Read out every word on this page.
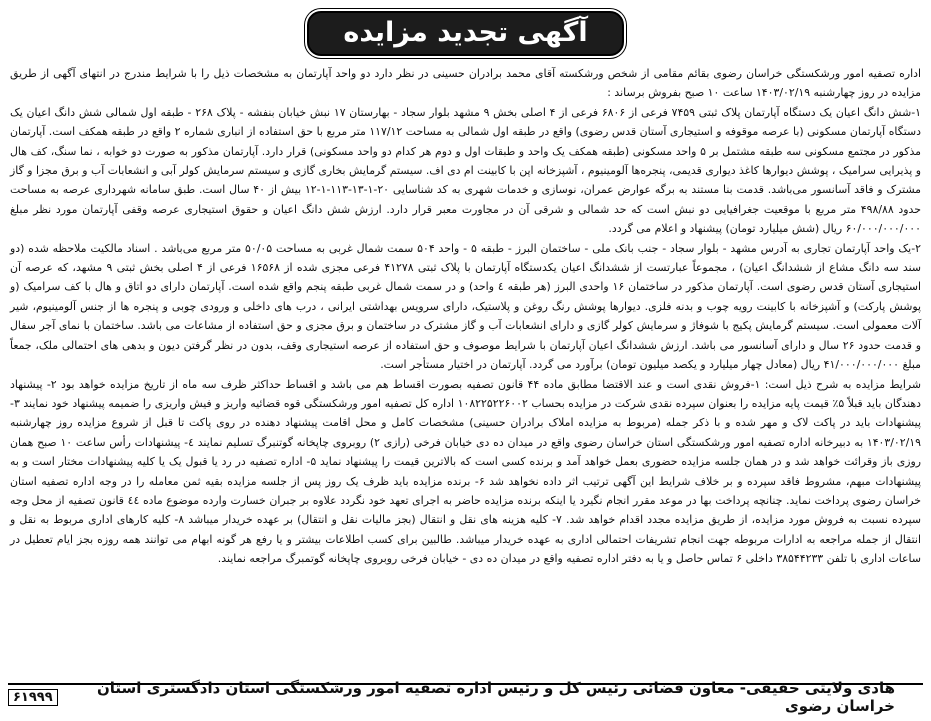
آگهی تجدید مزایده

اداره تصفیه امور ورشکستگی خراسان رضوی بقائم مقامی از شخص ورشکسته آقای محمد برادران حسینی در نظر دارد دو واحد آپارتمان به مشخصات ذیل را با شرایط مندرج در انتهای آگهی از طریق مزایده در روز چهارشنبه ۱۴۰۳/۰۲/۱۹ ساعت ۱۰ صبح بفروش برساند :

۱-شش دانگ اعیان یک دستگاه آپارتمان پلاک ثبتی ۷۴۵۹ فرعی از ۶۸۰۶ فرعی از ۴ اصلی بخش ۹ مشهد بلوار سجاد - بهارستان ۱۷ نبش خیابان بنفشه - پلاک ۲۶۸ - طبقه اول شمالی شش دانگ اعیان یک دستگاه آپارتمان مسکونی (با عرصه موقوفه و استیجاری آستان قدس رضوی) واقع در طبقه اول شمالی به مساحت ۱۱۷/۱۲ متر مربع با حق استفاده از انباری شماره ۲ واقع در طبقه همکف است. آپارتمان مذکور در مجتمع مسکونی سه طبقه مشتمل بر ۵ واحد مسکونی (طبقه همکف یک واحد و طبقات اول و دوم هر کدام دو واحد مسکونی) قرار دارد. آپارتمان مذکور به صورت دو خوابه ، نما سنگ، کف هال و پذیرایی سرامیک ، پوشش دیوارها کاغذ دیواری قدیمی، پنجره‌ها آلومینیوم ، آشپزخانه اپن با کابینت ام دی اف. سیستم گرمایش بخاری گازی و سیستم سرمایش کولر آبی و انشعابات آب و برق مجزا و گاز مشترک و فاقد آسانسور می‌باشد. قدمت بنا مستند به برگه عوارض عمران، نوسازی و خدمات شهری به کد شناسایی ۲۰-۱-۱۳-۱۱۳-۱-۱۲ بیش از ۴۰ سال است. طبق سامانه شهرداری عرصه به مساحت حدود ۴۹۸/۸۸ متر مربع با موقعیت جغرافیایی دو نبش است که حد شمالی و شرقی آن در مجاورت معبر قرار دارد. ارزش شش دانگ اعیان و حقوق استیجاری عرصه وقفی آپارتمان مورد نظر مبلغ ۶۰/۰۰۰/۰۰۰/۰۰۰ ریال (شش میلیارد تومان) پیشنهاد و اعلام می گردد.

۲-یک واحد آپارتمان تجاری به آدرس مشهد - بلوار سجاد - جنب بانک ملی - ساختمان البرز - طبقه ۵ - واحد ۵۰۴ سمت شمال غربی به مساحت ۵۰/۰۵ متر مربع می‌باشد . اسناد مالکیت ملاحظه شده (دو سند سه دانگ مشاع از ششدانگ اعیان) ، مجموعاً عبارتست از ششدانگ اعیان یکدستگاه آپارتمان با پلاک ثبتی ۴۱۲۷۸ فرعی مجزی شده از ۱۶۵۶۸ فرعی از ۴ اصلی بخش ثبتی ۹ مشهد، که عرصه آن استیجاری آستان قدس رضوی است. آپارتمان مذکور در ساختمان ۱۶ واحدی البرز (هر طبقه ٤ واحد) و در سمت شمال غربی طبقه پنجم واقع شده است. آپارتمان دارای دو اتاق و هال با کف سرامیک (و پوشش پارکت) و آشپزخانه با کابینت رویه چوب و بدنه فلزی. دیوارها پوشش رنگ روغن و پلاستیک، دارای سرویس بهداشتی ایرانی ، درب های داخلی و ورودی چوبی و پنجره ها از جنس آلومینیوم، شیر آلات معمولی است. سیستم گرمایش پکیج با شوفاژ و سرمایش کولر گازی و دارای انشعابات آب و گاز مشترک در ساختمان و برق مجزی و حق استفاده از مشاعات می باشد. ساختمان با نمای آجر سفال و قدمت حدود ۲۶ سال و دارای آسانسور می باشد. ارزش ششدانگ اعیان آپارتمان با شرایط موصوف و حق استفاده از عرصه استیجاری وقف، بدون در نظر گرفتن دیون و بدهی های احتمالی ملک، جمعاً مبلغ ۴۱/۰۰۰/۰۰۰/۰۰۰ ریال (معادل چهار میلیارد و یکصد میلیون تومان) برآورد می گردد. آپارتمان در اختیار مستأجر است.

شرایط مزایده به شرح ذیل است: ۱-فروش نقدی است و عند الاقتضا مطابق ماده ۴۴ قانون تصفیه بصورت اقساط هم می باشد و اقساط حداکثر ظرف سه ماه از تاریخ مزایده خواهد بود ۲- پیشنهاد دهندگان باید قبلاً ۵٪ قیمت پایه مزایده را بعنوان سپرده نقدی شرکت در مزایده بحساب ۱۰۸۲۲۵۲۲۶۰۰۲ اداره کل تصفیه امور ورشکستگی قوه قضائیه واریز و فیش واریزی را ضمیمه پیشنهاد خود نمایند ۳- پیشنهادات باید در پاکت لاک و مهر شده و با ذکر جمله (مربوط به مزایده املاک برادران حسینی) مشخصات کامل و محل اقامت پیشنهاد دهنده در روی پاکت تا قبل از شروع مزایده روز چهارشنبه ۱۴۰۳/۰۲/۱۹ به دبیرخانه اداره تصفیه امور ورشکستگی استان خراسان رضوی واقع در میدان ده دی خیابان فرخی (رازی ۲) روبروی چاپخانه گوتنبرگ تسلیم نمایند ٤- پیشنهادات رأس ساعت ۱۰ صبح همان روزی باز وقرائت خواهد شد و در همان جلسه مزایده حضوری بعمل خواهد آمد و برنده کسی است که بالاترین قیمت را پیشنهاد نماید ۵- اداره تصفیه در رد یا قبول یک یا کلیه پیشنهادات مختار است و به پیشنهادات مبهم، مشروط فاقد سپرده و بر خلاف شرایط این آگهی ترتیب اثر داده نخواهد شد ۶- برنده مزایده باید ظرف یک روز پس از جلسه مزایده بقیه ثمن معامله را در وجه اداره تصفیه استان خراسان رضوی پرداخت نماید. چنانچه پرداخت بها در موعد مقرر انجام نگیرد یا اینکه برنده مزایده حاضر به اجرای تعهد خود نگردد علاوه بر جبران خسارت وارده موضوع ماده ٤٤ قانون تصفیه از محل وجه سپرده نسبت به فروش مورد مزایده، از طریق مزایده مجدد اقدام خواهد شد. ۷- کلیه هزینه های نقل و انتقال (بجز مالیات نقل و انتقال) بر عهده خریدار میباشد ۸- کلیه کارهای اداری مربوط به نقل و انتقال از جمله مراجعه به ادارات مربوطه جهت انجام تشریفات احتمالی اداری به عهده خریدار میباشد. طالبین برای کسب اطلاعات بیشتر و یا رفع هر گونه ابهام می توانند همه روزه بجز ایام تعطیل در ساعات اداری با تلفن ۳۸۵۴۴۲۳۳ داخلی ۶ تماس حاصل و یا به دفتر اداره تصفیه واقع در میدان ده دی - خیابان فرخی روبروی چاپخانه گوتمبرگ مراجعه نمایند.

هادی ولایتی حقیقی- معاون قضائی رئیس کل و رئیس اداره تصفیه امور ورشکستگی استان دادگستری استان خراسان رضوی
۶۱۹۹۹
